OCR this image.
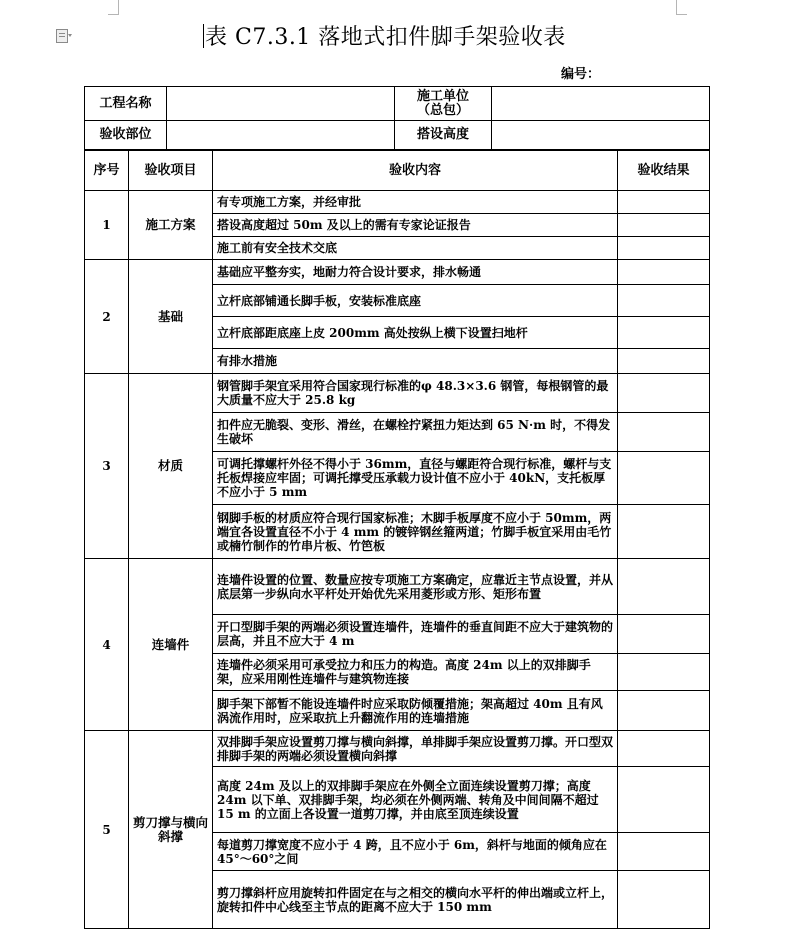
表 C7.3.1 落地式扣件脚手架验收表
编号：
工程名称		施工单位
（总包）	

验收部位		搭设高度	
序号	验收项目	验收内容	验收结果
1	施工方案	有专项施工方案，并经审批	
		搭设高度超过 50m 及以上的需有专家论证报告	
		施工前有安全技术交底	
2	基础	基础应平整夯实，地耐力符合设计要求，排水畅通	
		立杆底部铺通长脚手板，安装标准底座	
		立杆底部距底座上皮 200mm 高处按纵上横下设置扫地杆	
		有排水措施	
3	材质	钢管脚手架宜采用符合国家现行标准的φ 48.3×3.6 钢管，每根钢管的最大质量不应大于 25.8 kg	
		扣件应无脆裂、变形、滑丝，在螺栓拧紧扭力矩达到 65 N·m 时，不得发生破坏	
		可调托撑螺杆外径不得小于 36mm，直径与螺距符合现行标准，螺杆与支托板焊接应牢固；可调托撑受压承载力设计值不应小于 40kN，支托板厚不应小于 5 mm	
		钢脚手板的材质应符合现行国家标准；木脚手板厚度不应小于 50mm，两端宜各设置直径不小于 4 mm 的镀锌钢丝箍两道；竹脚手板宜采用由毛竹或楠竹制作的竹串片板、竹笆板	
4	连墙件	连墙件设置的位置、数量应按专项施工方案确定，应靠近主节点设置，并从底层第一步纵向水平杆处开始优先采用菱形或方形、矩形布置	
		开口型脚手架的两端必须设置连墙件，连墙件的垂直间距不应大于建筑物的层高，并且不应大于 4 m	
		连墙件必须采用可承受拉力和压力的构造。高度 24m 以上的双排脚手架，应采用刚性连墙件与建筑物连接	
		脚手架下部暂不能设连墙件时应采取防倾覆措施；架高超过 40m 且有风涡流作用时，应采取抗上升翻流作用的连墙措施	
5	剪刀撑与横向斜撑	双排脚手架应设置剪刀撑与横向斜撑，单排脚手架应设置剪刀撑。开口型双排脚手架的两端必须设置横向斜撑	
		高度 24m 及以上的双排脚手架应在外侧全立面连续设置剪刀撑；高度 24m 以下单、双排脚手架，均必须在外侧两端、转角及中间间隔不超过 15 m 的立面上各设置一道剪刀撑，并由底至顶连续设置	
		每道剪刀撑宽度不应小于 4 跨，且不应小于 6m，斜杆与地面的倾角应在 45°～60°之间	
		剪刀撑斜杆应用旋转扣件固定在与之相交的横向水平杆的伸出端或立杆上，旋转扣件中心线至主节点的距离不应大于 150 mm	
